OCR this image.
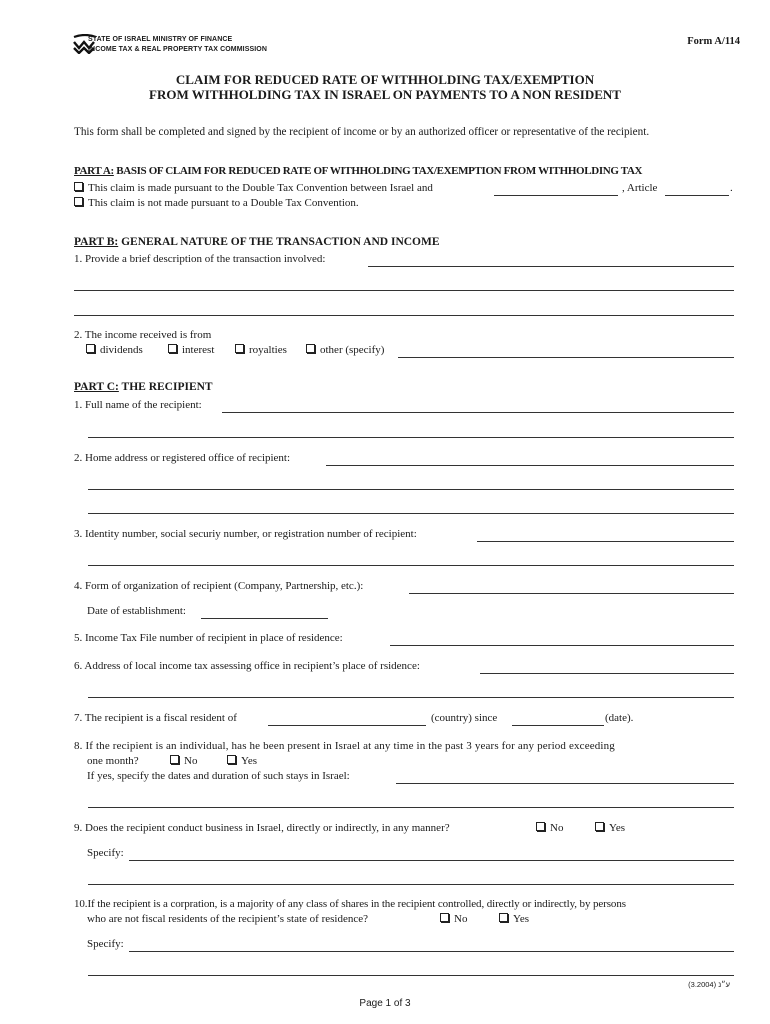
STATE OF ISRAEL MINISTRY OF FINANCE
INCOME TAX & REAL PROPERTY TAX COMMISSION
Form A/114
CLAIM FOR REDUCED RATE OF WITHHOLDING TAX/EXEMPTION
FROM WITHHOLDING TAX IN ISRAEL ON PAYMENTS TO A NON RESIDENT
This form shall be completed and signed by the recipient of income or by an authorized officer or representative of the recipient.
PART A: BASIS OF CLAIM FOR REDUCED RATE OF WITHHOLDING TAX/EXEMPTION FROM WITHHOLDING TAX
This claim is made pursuant to the Double Tax Convention between Israel and	, Article	.
This claim is not made pursuant to a Double Tax Convention.
PART B: GENERAL NATURE OF THE TRANSACTION AND INCOME
1. Provide a brief description of the transaction involved:
2. The income received is from
dividends	interest	royalties	other (specify)
PART C: THE RECIPIENT
1. Full name of the recipient:
2. Home address or registered office of recipient:
3. Identity number, social securiy number, or registration number of recipient:
4. Form of organization of recipient (Company, Partnership, etc.):
Date of establishment:
5. Income Tax File number of recipient in place of residence:
6. Address of local income tax assessing office in recipient’s place of rsidence:
7. The recipient is a fiscal resident of	(country) since	(date).
8. If the recipient is an individual, has he been present in Israel at any time in the past 3 years for any period exceeding
one month?	No	Yes
If yes, specify the dates and duration of such stays in Israel:
9. Does the recipient conduct business in Israel, directly or indirectly, in any manner?	No	Yes
Specify:
10.If the recipient is a corpration, is a majority of any class of shares in the recipient controlled, directly or indirectly, by persons
who are not fiscal residents of the recipient’s state of residence?	No	Yes
Specify:
(3.2004) ע״נ
Page 1 of 3
